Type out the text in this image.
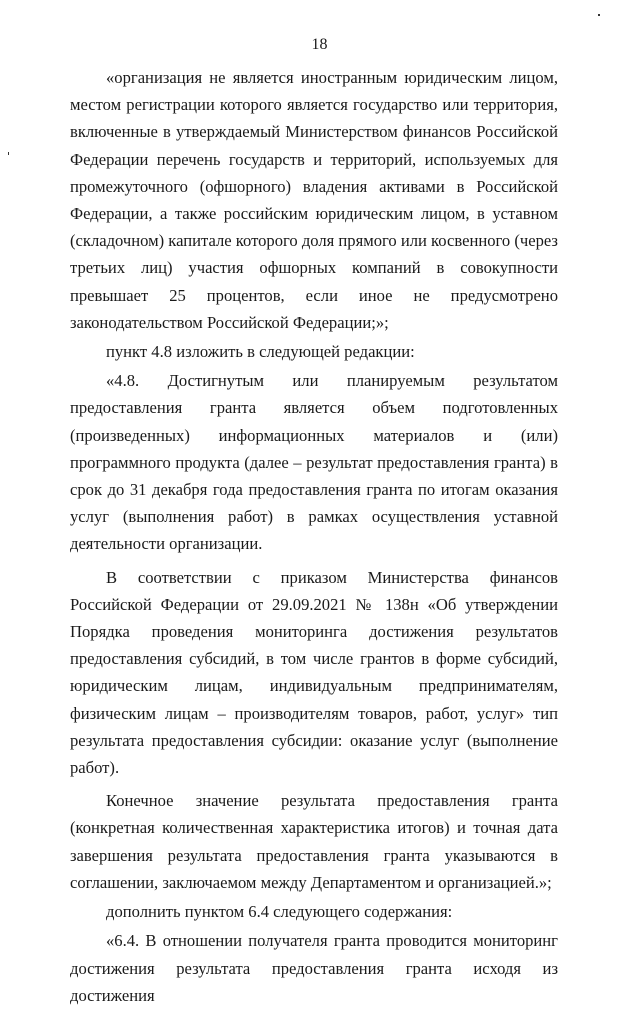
18

«организация не является иностранным юридическим лицом, местом регистрации которого является государство или территория, включенные в утверждаемый Министерством финансов Российской Федерации перечень государств и территорий, используемых для промежуточного (офшорного) владения активами в Российской Федерации, а также российским юридическим лицом, в уставном (складочном) капитале которого доля прямого или косвенного (через третьих лиц) участия офшорных компаний в совокупности превышает 25 процентов, если иное не предусмотрено законодательством Российской Федерации;»;

пункт 4.8 изложить в следующей редакции:

«4.8. Достигнутым или планируемым результатом предоставления гранта является объем подготовленных (произведенных) информационных материалов и (или) программного продукта (далее – результат предоставления гранта) в срок до 31 декабря года предоставления гранта по итогам оказания услуг (выполнения работ) в рамках осуществления уставной деятельности организации.

В соответствии с приказом Министерства финансов Российской Федерации от 29.09.2021 № 138н «Об утверждении Порядка проведения мониторинга достижения результатов предоставления субсидий, в том числе грантов в форме субсидий, юридическим лицам, индивидуальным предпринимателям, физическим лицам – производителям товаров, работ, услуг» тип результата предоставления субсидии: оказание услуг (выполнение работ).

Конечное значение результата предоставления гранта (конкретная количественная характеристика итогов) и точная дата завершения результата предоставления гранта указываются в соглашении, заключаемом между Департаментом и организацией.»;

дополнить пунктом 6.4 следующего содержания:

«6.4. В отношении получателя гранта проводится мониторинг достижения результата предоставления гранта исходя из достижения
